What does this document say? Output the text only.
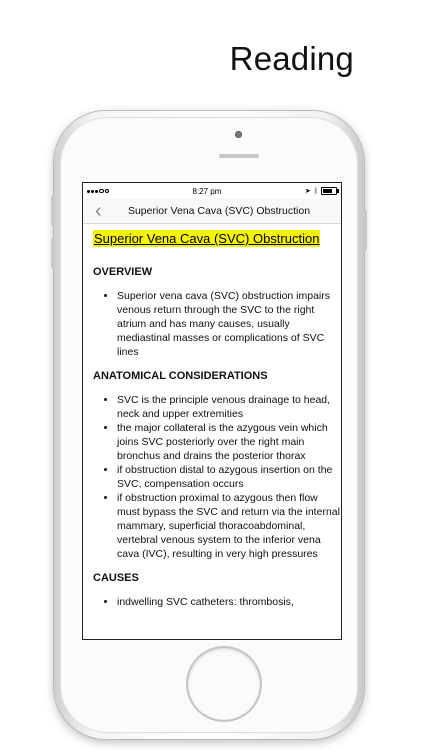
Reading
8:27 pm	➤ ᛒ
‹	Superior Vena Cava (SVC) Obstruction
Superior Vena Cava (SVC) Obstruction
OVERVIEW
• Superior vena cava (SVC) obstruction impairs venous return through the SVC to the right atrium and has many causes, usually mediastinal masses or complications of SVC lines
ANATOMICAL CONSIDERATIONS
• SVC is the principle venous drainage to head, neck and upper extremities
• the major collateral is the azygous vein which joins SVC posteriorly over the right main bronchus and drains the posterior thorax
• if obstruction distal to azygous insertion on the SVC, compensation occurs
• if obstruction proximal to azygous then flow must bypass the SVC and return via the internal mammary, superficial thoracoabdominal, vertebral venous system to the inferior vena cava (IVC), resulting in very high pressures
CAUSES
• indwelling SVC catheters: thrombosis,
